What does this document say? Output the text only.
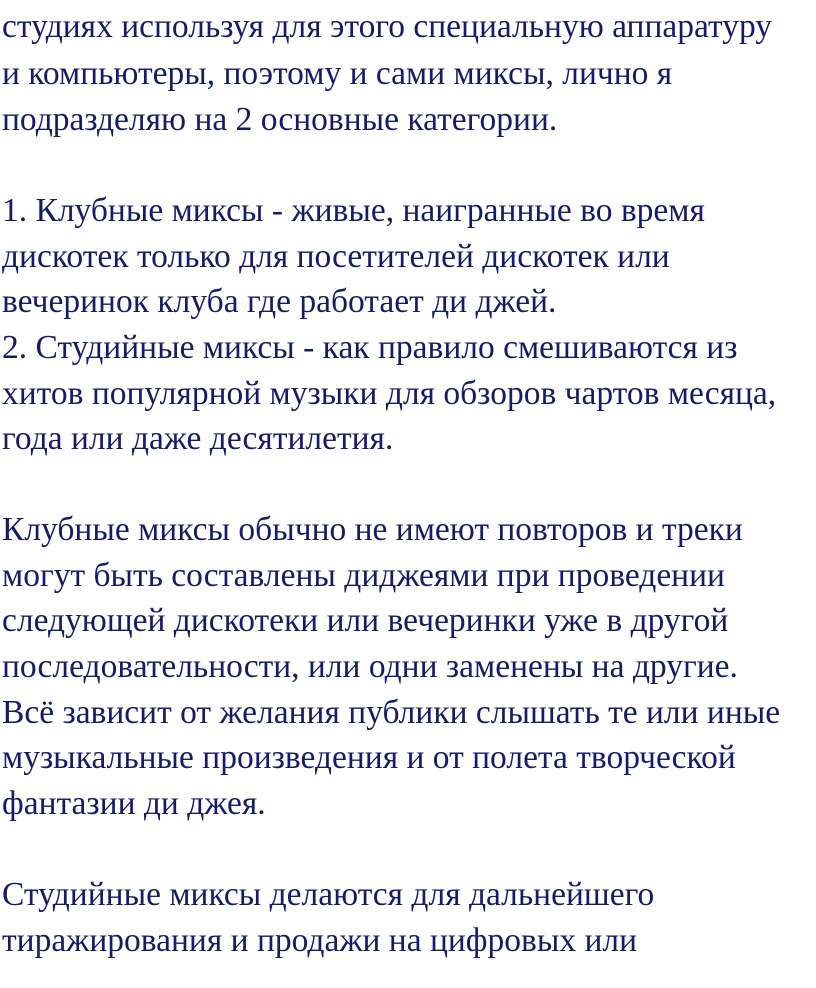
студиях используя для этого специальную аппаратуру
и компьютеры, поэтому и сами миксы, лично я
подразделяю на 2 основные категории.
1. Клубные миксы - живые, наигранные во время
дискотек только для посетителей дискотек или
вечеринок клуба где работает ди джей.
2. Студийные миксы - как правило смешиваются из
хитов популярной музыки для обзоров чартов месяца,
года или даже десятилетия.
Клубные миксы обычно не имеют повторов и треки
могут быть составлены диджеями при проведении
следующей дискотеки или вечеринки уже в другой
последовательности, или одни заменены на другие.
Всё зависит от желания публики слышать те или иные
музыкальные произведения и от полета творческой
фантазии ди джея.
Студийные миксы делаются для дальнейшего
тиражирования и продажи на цифровых или
